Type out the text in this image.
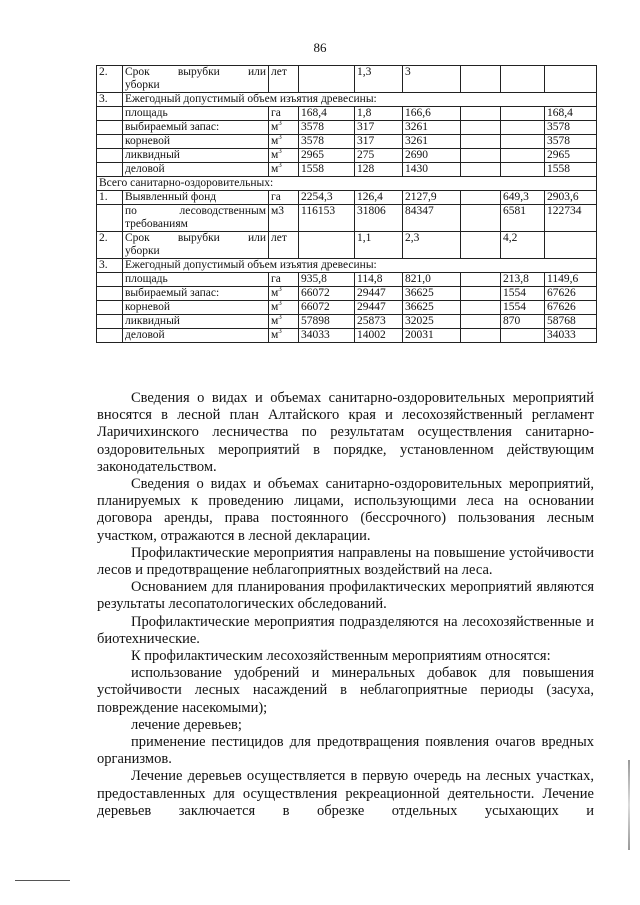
86
2.	Срок вырубки или
уборки	лет		1,3	3			
3.	Ежегодный допустимый объем изъятия древесины:							
	площадь	га	168,4	1,8	166,6			168,4
	выбираемый запас:	$м^3$	3578	317	3261			3578
	корневой	$м^3$	3578	317	3261			3578
	ликвидный	$м^3$	2965	275	2690			2965
	деловой	$м^3$	1558	128	1430			1558
Всего санитарно-оздоровительных:								
1.	Выявленный фонд	га	2254,3	126,4	2127,9		649,3	2903,6

	по лесоводственным
требованиям	м3	116153	31806	84347		6581	122734
2.	Срок вырубки или
уборки	лет		1,1	2,3		4,2	
3.	Ежегодный допустимый объем изъятия древесины:							
	площадь	га	935,8	114,8	821,0		213,8	1149,6
	выбираемый запас:	$м^3$	66072	29447	36625		1554	67626
	корневой	$м^3$	66072	29447	36625		1554	67626
	ликвидный	$м^3$	57898	25873	32025		870	58768
	деловой	$м^3$	34033	14002	20031			34033

Сведения о видах и объемах санитарно-оздоровительных мероприятий вносятся в лесной план Алтайского края и лесохозяйственный регламент Ларичихинского лесничества по результатам осуществления санитарно-оздоровительных мероприятий в порядке, установленном действующим законодательством.

Сведения о видах и объемах санитарно-оздоровительных мероприятий, планируемых к проведению лицами, использующими леса на основании договора аренды, права постоянного (бессрочного) пользования лесным участком, отражаются в лесной декларации.

Профилактические мероприятия направлены на повышение устойчивости лесов и предотвращение неблагоприятных воздействий на леса.

Основанием для планирования профилактических мероприятий являются результаты лесопатологических обследований.

Профилактические мероприятия подразделяются на лесохозяйственные и биотехнические.

К профилактическим лесохозяйственным мероприятиям относятся:

использование удобрений и минеральных добавок для повышения устойчивости лесных насаждений в неблагоприятные периоды (засуха, повреждение насекомыми);

лечение деревьев;

применение пестицидов для предотвращения появления очагов вредных организмов.

Лечение деревьев осуществляется в первую очередь на лесных участках, предоставленных для осуществления рекреационной деятельности. Лечение деревьев заключается в обрезке отдельных усыхающих и
